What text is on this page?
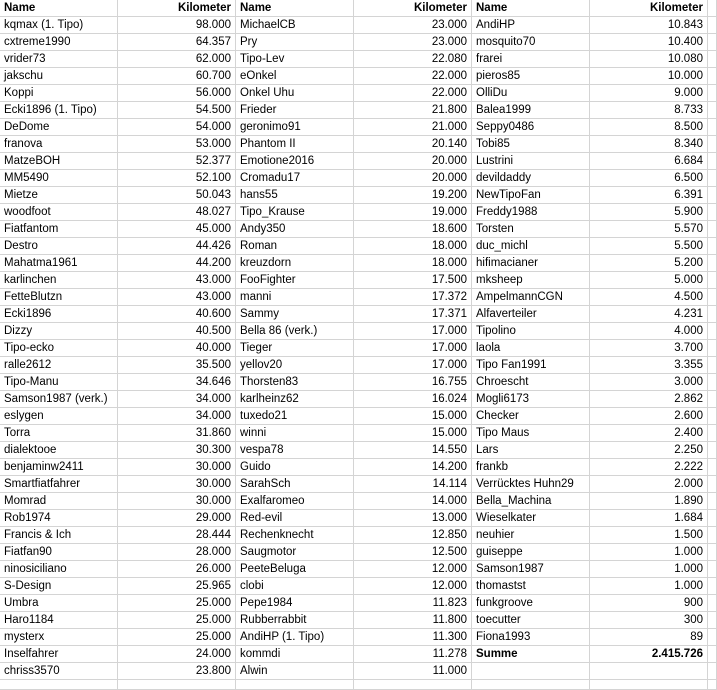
Name	Kilometer Name	Kilometer Name	Kilometer
kqmax (1. Tipo)	98.000 MichaelCB	23.000 AndiHP	10.843
cxtreme1990	64.357 Pry	23.000 mosquito70	10.400
vrider73	62.000 Tipo-Lev	22.080 frarei	10.080
jakschu	60.700 eOnkel	22.000 pieros85	10.000
Koppi	56.000 Onkel Uhu	22.000 OlliDu	9.000
Ecki1896 (1. Tipo)	54.500 Frieder	21.800 Balea1999	8.733
DeDome	54.000 geronimo91	21.000 Seppy0486	8.500
franova	53.000 Phantom II	20.140 Tobi85	8.340
MatzeBOH	52.377 Emotione2016	20.000 Lustrini	6.684
MM5490	52.100 Cromadu17	20.000 devildaddy	6.500
Mietze	50.043 hans55	19.200 NewTipoFan	6.391
woodfoot	48.027 Tipo_Krause	19.000 Freddy1988	5.900
Fiatfantom	45.000 Andy350	18.600 Torsten	5.570
Destro	44.426 Roman	18.000 duc_michl	5.500
Mahatma1961	44.200 kreuzdorn	18.000 hifimacianer	5.200
karlinchen	43.000 FooFighter	17.500 mksheep	5.000
FetteBlutzn	43.000 manni	17.372 AmpelmannCGN	4.500
Ecki1896	40.600 Sammy	17.371 Alfaverteiler	4.231
Dizzy	40.500 Bella 86 (verk.)	17.000 Tipolino	4.000
Tipo-ecko	40.000 Tieger	17.000 laola	3.700
ralle2612	35.500 yellov20	17.000 Tipo Fan1991	3.355
Tipo-Manu	34.646 Thorsten83	16.755 Chroescht	3.000
Samson1987 (verk.)	34.000 karlheinz62	16.024 Mogli6173	2.862
eslygen	34.000 tuxedo21	15.000 Checker	2.600
Torra	31.860 winni	15.000 Tipo Maus	2.400
dialektooe	30.300 vespa78	14.550 Lars	2.250
benjaminw2411	30.000 Guido	14.200 frankb	2.222
Smartfiatfahrer	30.000 SarahSch	14.114 Verrücktes Huhn29	2.000
Momrad	30.000 Exalfaromeo	14.000 Bella_Machina	1.890
Rob1974	29.000 Red-evil	13.000 Wieselkater	1.684
Francis & Ich	28.444 Rechenknecht	12.850 neuhier	1.500
Fiatfan90	28.000 Saugmotor	12.500 guiseppe	1.000
ninosiciliano	26.000 PeeteBeluga	12.000 Samson1987	1.000
S-Design	25.965 clobi	12.000 thomastst	1.000
Umbra	25.000 Pepe1984	11.823 funkgroove	900
Haro1184	25.000 Rubberrabbit	11.800 toecutter	300
mysterx	25.000 AndiHP (1. Tipo)	11.300 Fiona1993	89
Inselfahrer	24.000 kommdi	11.278 Summe	2.415.726
chriss3570	23.800 Alwin	11.000
